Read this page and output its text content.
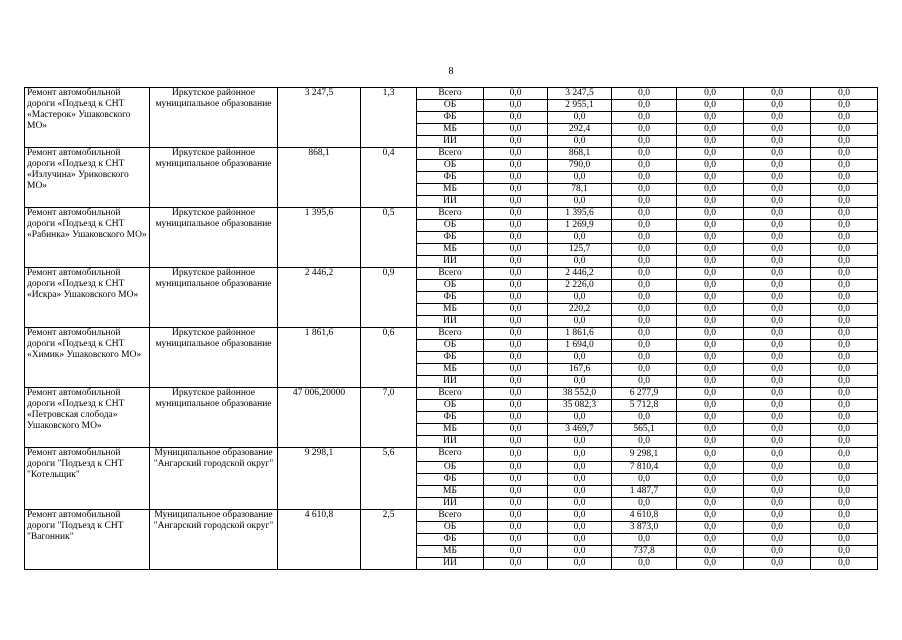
8
Ремонт автомобильной дороги «Подъезд к СНТ «Мастерок» Ушаковского МО»	Иркутское районное муниципальное образование	3 247,5	1,3	Всего	0,0	3 247,5	0,0	0,0	0,0	0,0
				ОБ	0,0	2 955,1	0,0	0,0	0,0	0,0
				ФБ	0,0	0,0	0,0	0,0	0,0	0,0
				МБ	0,0	292,4	0,0	0,0	0,0	0,0
				ИИ	0,0	0,0	0,0	0,0	0,0	0,0
Ремонт автомобильной дороги «Подъезд к СНТ «Излучина» Уриковского МО»	Иркутское районное муниципальное образование	868,1	0,4	Всего	0,0	868,1	0,0	0,0	0,0	0,0
				ОБ	0,0	790,0	0,0	0,0	0,0	0,0
				ФБ	0,0	0,0	0,0	0,0	0,0	0,0
				МБ	0,0	78,1	0,0	0,0	0,0	0,0
				ИИ	0,0	0,0	0,0	0,0	0,0	0,0
Ремонт автомобильной дороги «Подъезд к СНТ «Рабинка» Ушаковского МО»	Иркутское районное муниципальное образование	1 395,6	0,5	Всего	0,0	1 395,6	0,0	0,0	0,0	0,0
				ОБ	0,0	1 269,9	0,0	0,0	0,0	0,0
				ФБ	0,0	0,0	0,0	0,0	0,0	0,0
				МБ	0,0	125,7	0,0	0,0	0,0	0,0
				ИИ	0,0	0,0	0,0	0,0	0,0	0,0
Ремонт автомобильной дороги «Подъезд к СНТ «Искра» Ушаковского МО»	Иркутское районное муниципальное образование	2 446,2	0,9	Всего	0,0	2 446,2	0,0	0,0	0,0	0,0
				ОБ	0,0	2 226,0	0,0	0,0	0,0	0,0
				ФБ	0,0	0,0	0,0	0,0	0,0	0,0
				МБ	0,0	220,2	0,0	0,0	0,0	0,0
				ИИ	0,0	0,0	0,0	0,0	0,0	0,0
Ремонт автомобильной дороги «Подъезд к СНТ «Химик» Ушаковского МО»	Иркутское районное муниципальное образование	1 861,6	0,6	Всего	0,0	1 861,6	0,0	0,0	0,0	0,0
				ОБ	0,0	1 694,0	0,0	0,0	0,0	0,0
				ФБ	0,0	0,0	0,0	0,0	0,0	0,0
				МБ	0,0	167,6	0,0	0,0	0,0	0,0
				ИИ	0,0	0,0	0,0	0,0	0,0	0,0
Ремонт автомобильной дороги «Подъезд к СНТ «Петровская слобода» Ушаковского МО»	Иркутское районное муниципальное образование	47 006,20000	7,0	Всего	0,0	38 552,0	6 277,9	0,0	0,0	0,0
				ОБ	0,0	35 082,3	5 712,8	0,0	0,0	0,0
				ФБ	0,0	0,0	0,0	0,0	0,0	0,0
				МБ	0,0	3 469,7	565,1	0,0	0,0	0,0
				ИИ	0,0	0,0	0,0	0,0	0,0	0,0
Ремонт автомобильной дороги "Подъезд к СНТ "Котельщик"	Муниципальное образование "Ангарский городской округ"	9 298,1	5,6	Всего	0,0	0,0	9 298,1	0,0	0,0	0,0
				ОБ	0,0	0,0	7 810,4	0,0	0,0	0,0
				ФБ	0,0	0,0	0,0	0,0	0,0	0,0
				МБ	0,0	0,0	1 487,7	0,0	0,0	0,0
				ИИ	0,0	0,0	0,0	0,0	0,0	0,0
Ремонт автомобильной дороги "Подъезд к СНТ "Вагонник"	Муниципальное образование "Ангарский городской округ"	4 610,8	2,5	Всего	0,0	0,0	4 610,8	0,0	0,0	0,0
				ОБ	0,0	0,0	3 873,0	0,0	0,0	0,0
				ФБ	0,0	0,0	0,0	0,0	0,0	0,0
				МБ	0,0	0,0	737,8	0,0	0,0	0,0
				ИИ	0,0	0,0	0,0	0,0	0,0	0,0
